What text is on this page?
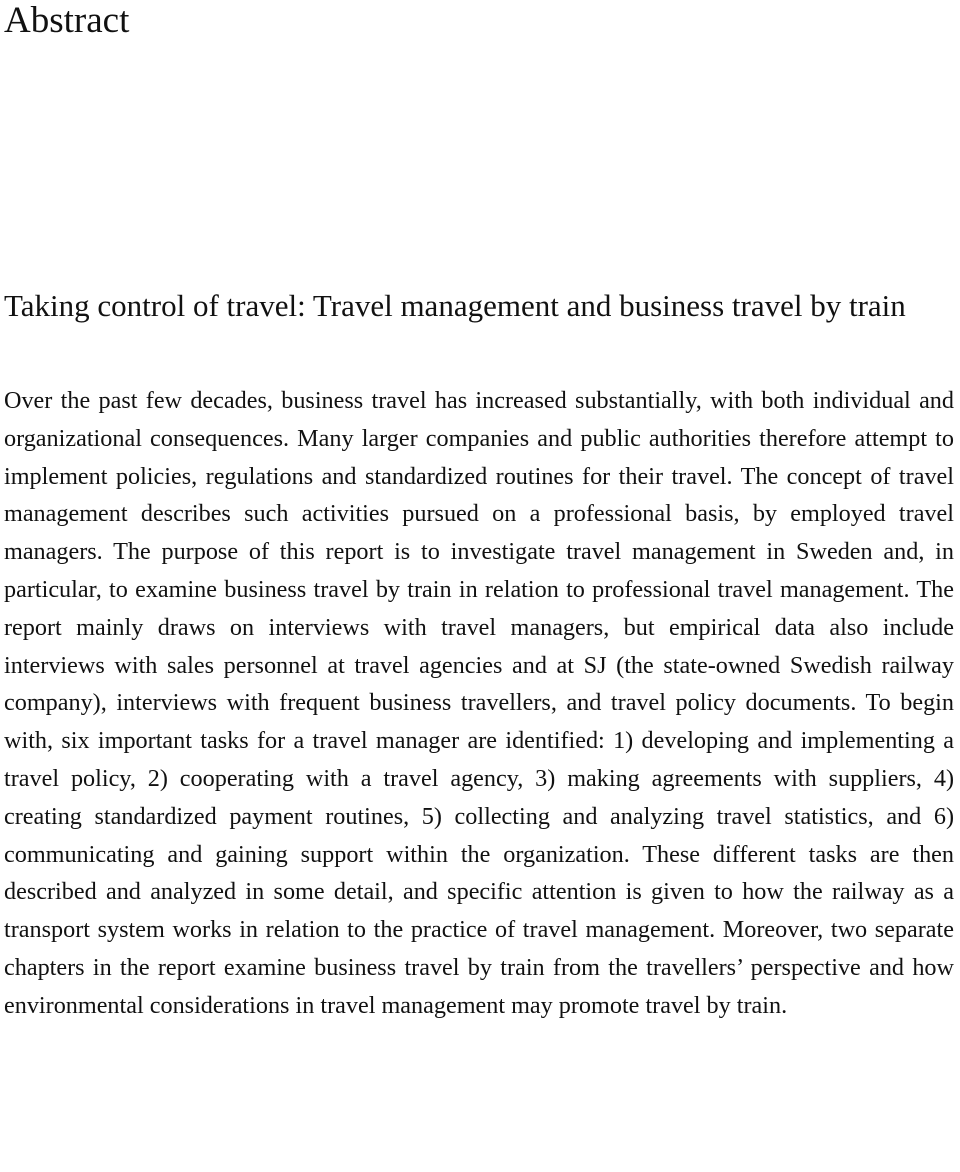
Abstract
Taking control of travel: Travel management and business travel by train

Over the past few decades, business travel has increased substantially, with both individual and organizational consequences. Many larger companies and public authorities therefore attempt to implement policies, regulations and standardized routines for their travel. The concept of travel management describes such activities pursued on a professional basis, by employed travel managers. The purpose of this report is to investigate travel management in Sweden and, in particular, to examine business travel by train in relation to professional travel management. The report mainly draws on interviews with travel managers, but empirical data also include interviews with sales personnel at travel agencies and at SJ (the state-owned Swedish railway company), interviews with frequent business travellers, and travel policy documents. To begin with, six important tasks for a travel manager are identified: 1) developing and implementing a travel policy, 2) cooperating with a travel agency, 3) making agreements with suppliers, 4) creating standardized payment routines, 5) collecting and analyzing travel statistics, and 6) communicating and gaining support within the organization. These different tasks are then described and analyzed in some detail, and specific attention is given to how the railway as a transport system works in relation to the practice of travel management. Moreover, two separate chapters in the report examine business travel by train from the travellers’ perspective and how environmental considerations in travel management may promote travel by train.
